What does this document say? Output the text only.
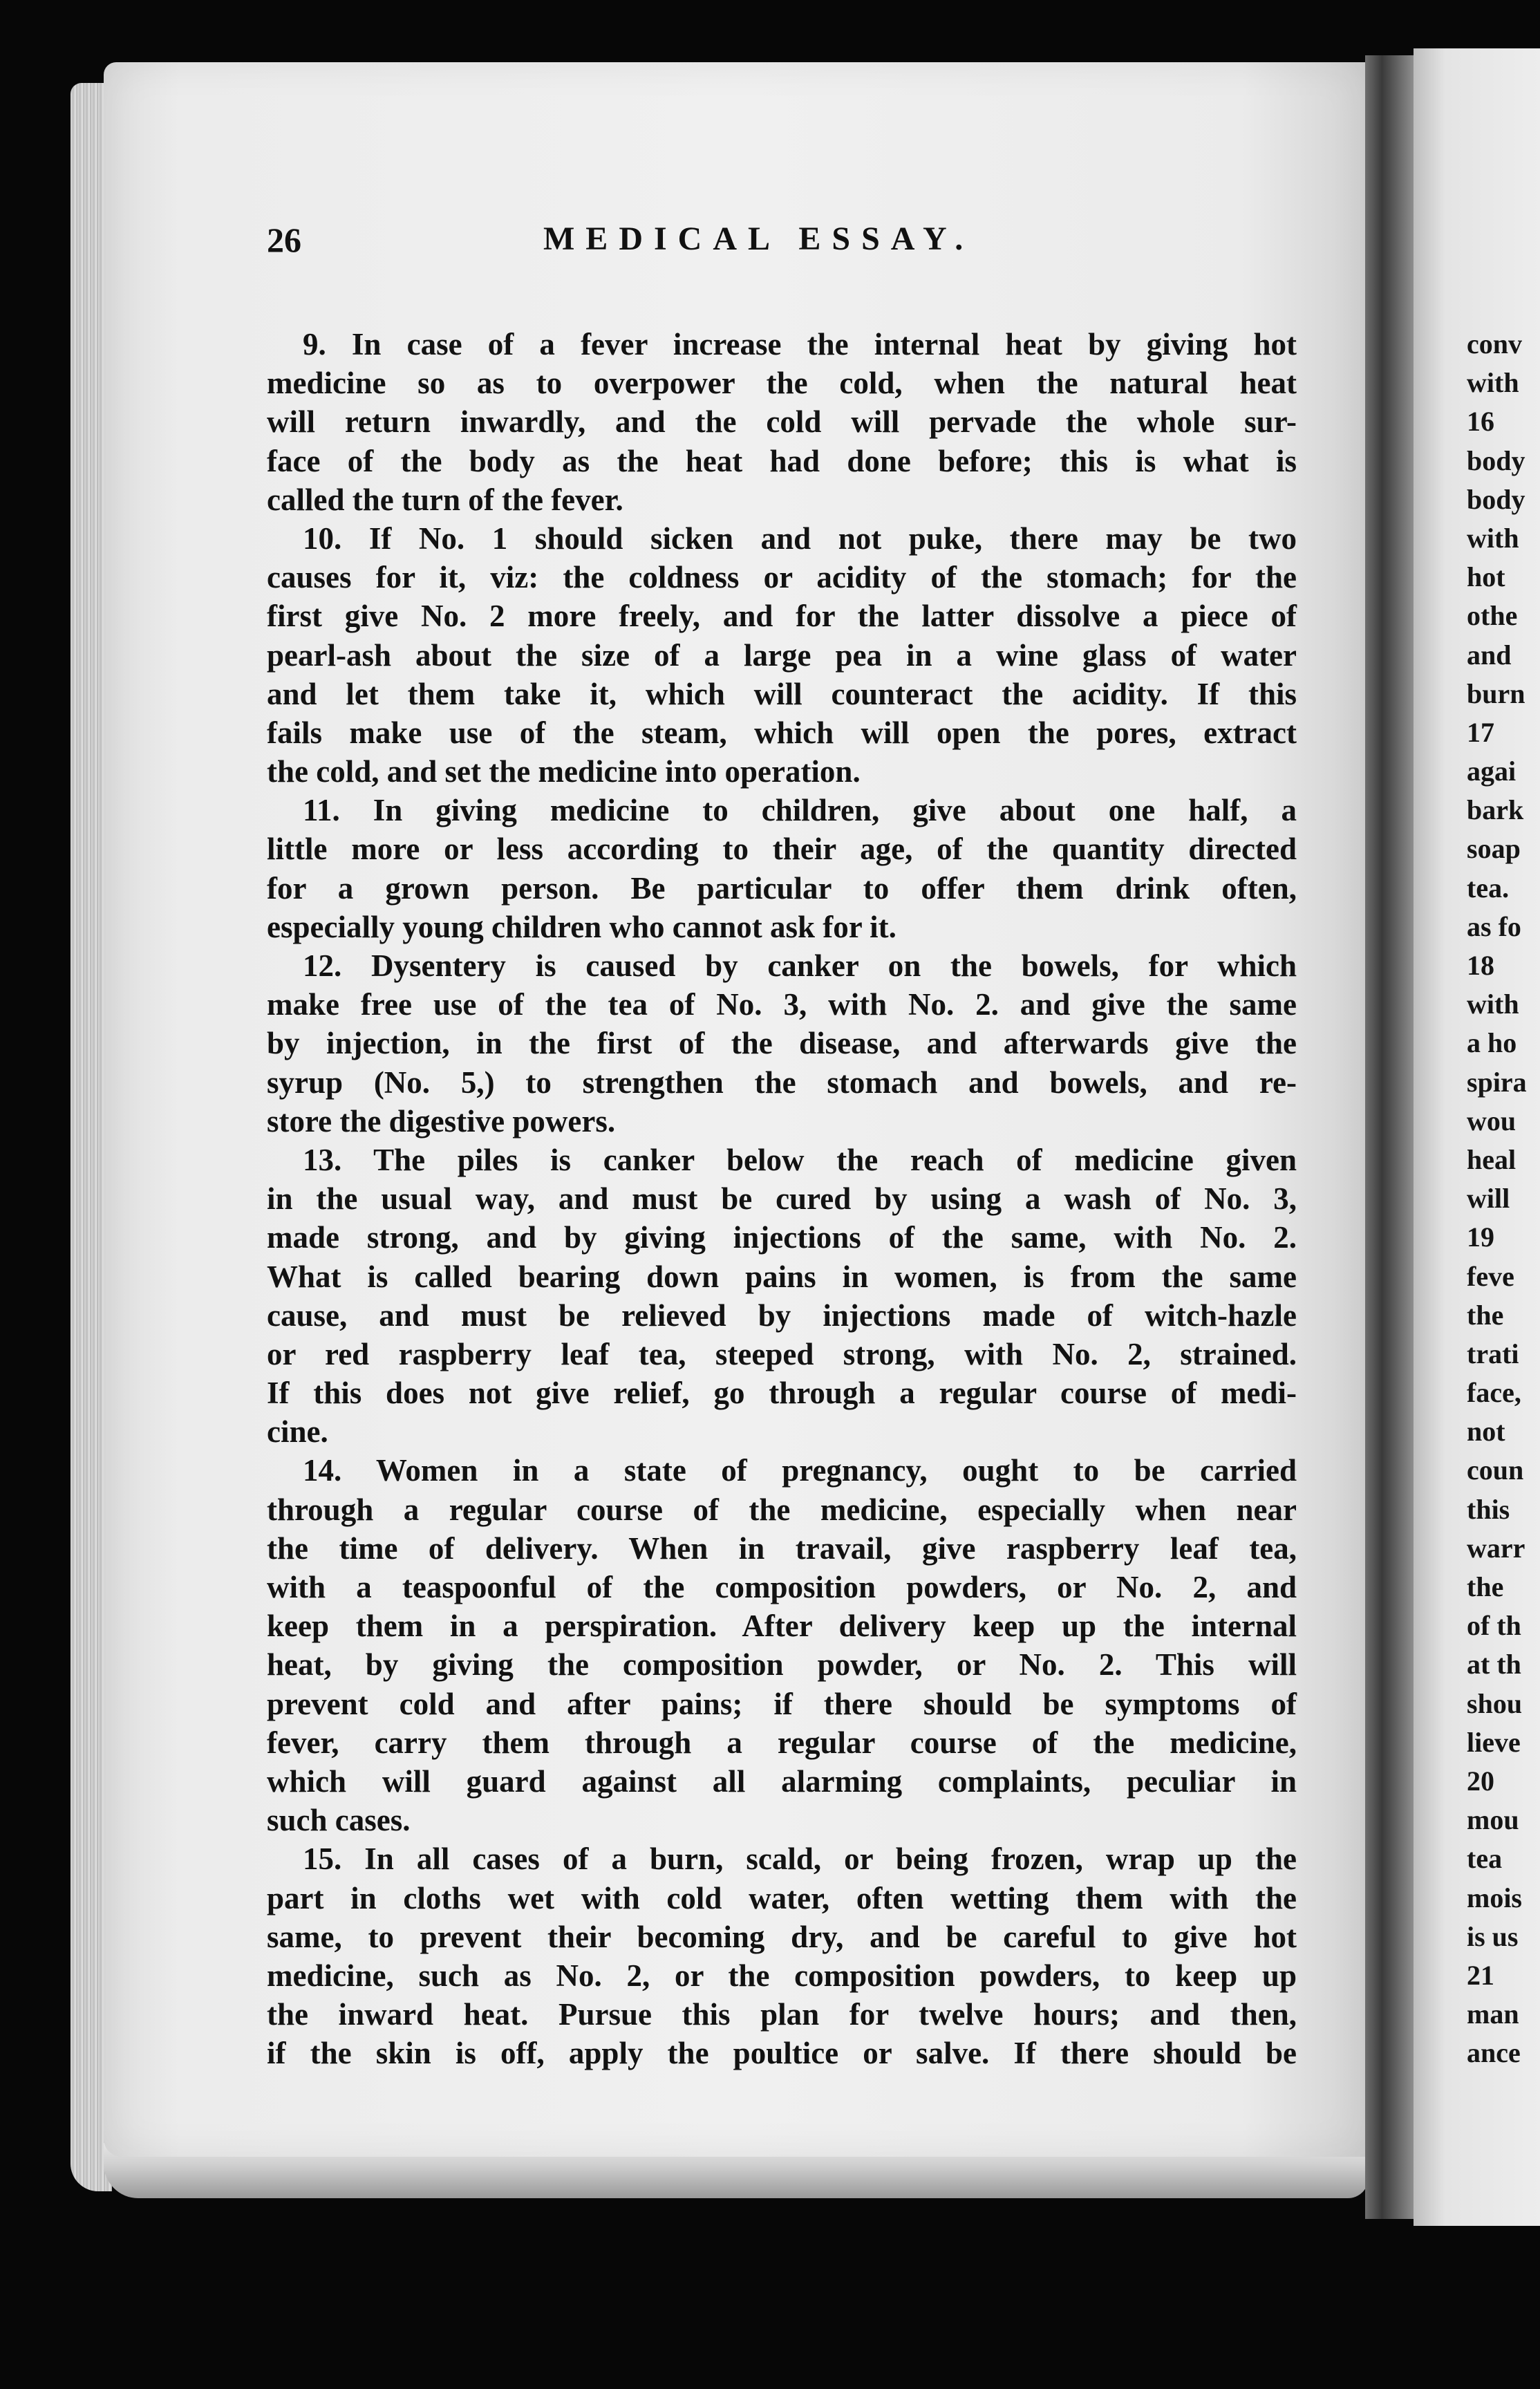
26	MEDICAL ESSAY.
9. In case of a fever increase the internal heat by giving hot
medicine so as to overpower the cold, when the natural heat
will return inwardly, and the cold will pervade the whole sur-
face of the body as the heat had done before; this is what is
called the turn of the fever.
10. If No. 1 should sicken and not puke, there may be two
causes for it, viz: the coldness or acidity of the stomach; for the
first give No. 2 more freely, and for the latter dissolve a piece of
pearl-ash about the size of a large pea in a wine glass of water
and let them take it, which will counteract the acidity. If this
fails make use of the steam, which will open the pores, extract
the cold, and set the medicine into operation.
11. In giving medicine to children, give about one half, a
little more or less according to their age, of the quantity directed
for a grown person. Be particular to offer them drink often,
especially young children who cannot ask for it.
12. Dysentery is caused by canker on the bowels, for which
make free use of the tea of No. 3, with No. 2. and give the same
by injection, in the first of the disease, and afterwards give the
syrup (No. 5,) to strengthen the stomach and bowels, and re-
store the digestive powers.
13. The piles is canker below the reach of medicine given
in the usual way, and must be cured by using a wash of No. 3,
made strong, and by giving injections of the same, with No. 2.
What is called bearing down pains in women, is from the same
cause, and must be relieved by injections made of witch-hazle
or red raspberry leaf tea, steeped strong, with No. 2, strained.
If this does not give relief, go through a regular course of medi-
cine.
14. Women in a state of pregnancy, ought to be carried
through a regular course of the medicine, especially when near
the time of delivery. When in travail, give raspberry leaf tea,
with a teaspoonful of the composition powders, or No. 2, and
keep them in a perspiration. After delivery keep up the internal
heat, by giving the composition powder, or No. 2. This will
prevent cold and after pains; if there should be symptoms of
fever, carry them through a regular course of the medicine,
which will guard against all alarming complaints, peculiar in
such cases.
15. In all cases of a burn, scald, or being frozen, wrap up the
part in cloths wet with cold water, often wetting them with the
same, to prevent their becoming dry, and be careful to give hot
medicine, such as No. 2, or the composition powders, to keep up
the inward heat. Pursue this plan for twelve hours; and then,
if the skin is off, apply the poultice or salve. If there should be
conv
with
16
body
body
with
hot
othe
and
burn
17
agai
bark
soap
tea.
as fo
18
with
a ho
spira
wou
heal
will
19
feve
the
trati
face,
not
coun
this
warr
the
of th
at th
shou
lieve
20
mou
tea
mois
is us
21
man
ance
